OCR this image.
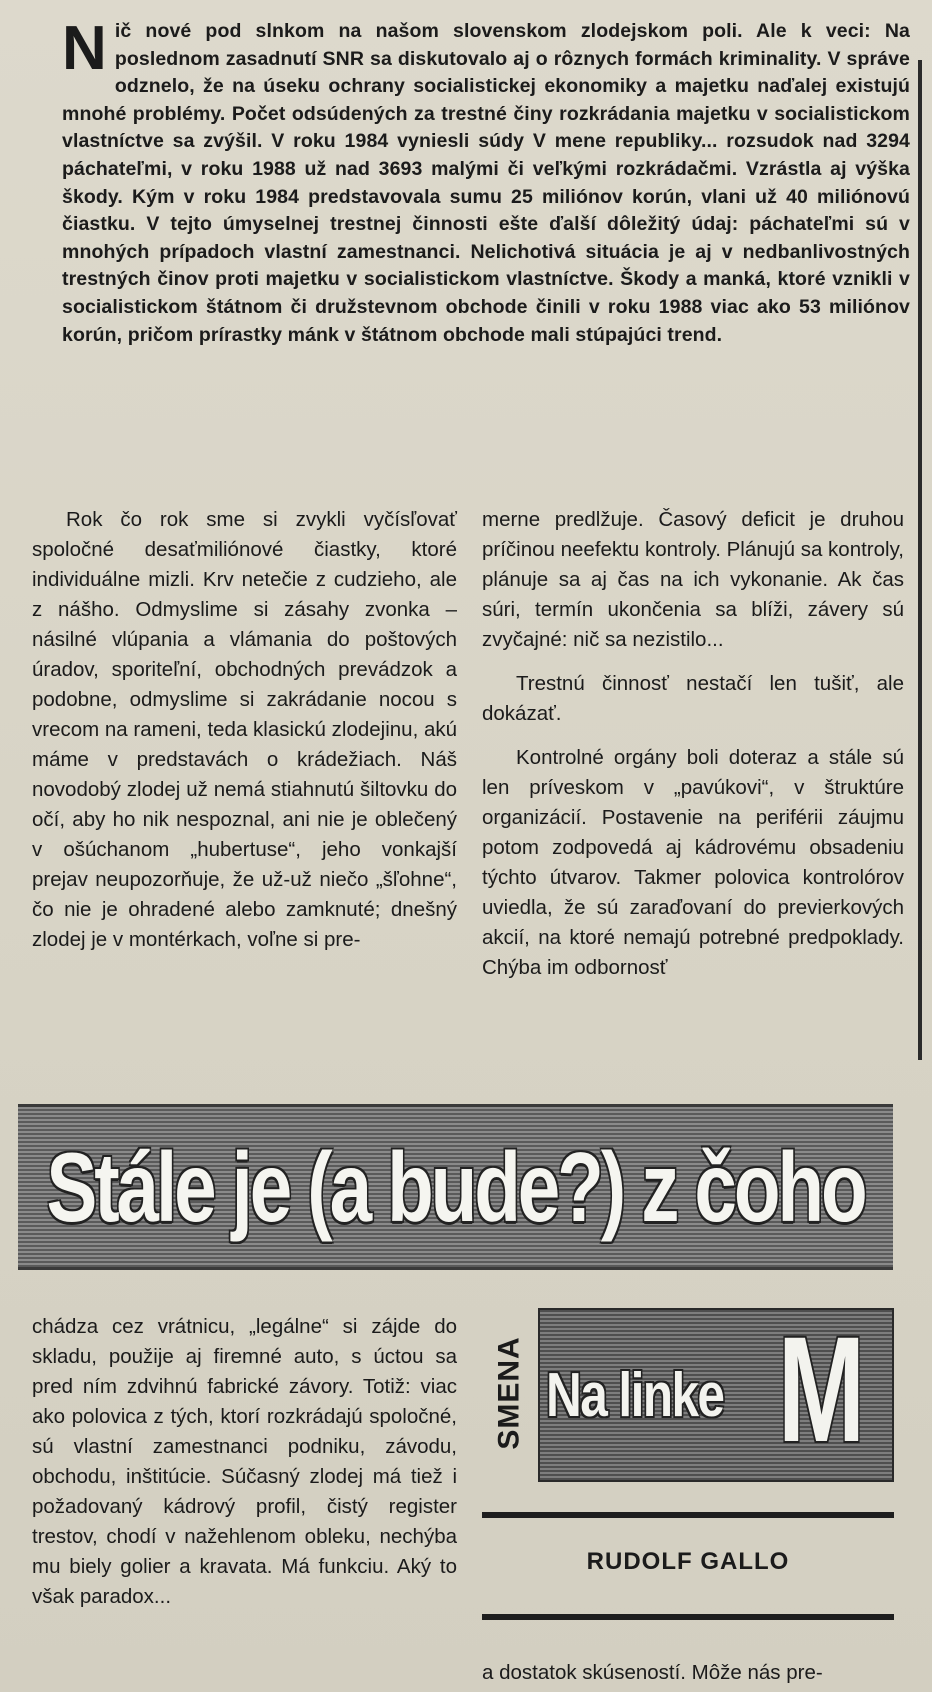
N ič nové pod slnkom na našom slovenskom zlodejskom poli. Ale k veci: Na poslednom zasadnutí SNR sa diskutovalo aj o rôznych formách kriminality. V správe odznelo, že na úseku ochrany socialistickej ekonomiky a majetku naďalej existujú mnohé problémy. Počet odsúdených za trestné činy rozkrádania majetku v socialistickom vlastníctve sa zvýšil. V roku 1984 vyniesli súdy V mene republiky... rozsudok nad 3294 páchateľmi, v roku 1988 už nad 3693 malými či veľkými rozkrádačmi. Vzrástla aj výška škody. Kým v roku 1984 predstavovala sumu 25 miliónov korún, vlani už 40 miliónovú čiastku. V tejto úmyselnej trestnej činnosti ešte ďalší dôležitý údaj: páchateľmi sú v mnohých prípadoch vlastní zamestnanci. Nelichotivá situácia je aj v nedbanlivostných trestných činov proti majetku v socialistickom vlastníctve. Škody a manká, ktoré vznikli v socialistickom štátnom či družstevnom obchode činili v roku 1988 viac ako 53 miliónov korún, pričom prírastky mánk v štátnom obchode mali stúpajúci trend.

Rok čo rok sme si zvykli vyčísľovať spoločné desaťmiliónové čiastky, ktoré individuálne mizli. Krv netečie z cudzieho, ale z nášho. Odmyslime si zásahy zvonka – násilné vlúpania a vlámania do poštových úradov, sporiteľní, obchodných prevádzok a podobne, odmyslime si zakrádanie nocou s vrecom na rameni, teda klasickú zlodejinu, akú máme v predstavách o krádežiach. Náš novodobý zlodej už nemá stiahnutú šiltovku do očí, aby ho nik nespoznal, ani nie je oblečený v ošúchanom „hubertuse“, jeho vonkajší prejav neupozorňuje, že už-už niečo „šľohne“, čo nie je ohradené alebo zamknuté; dnešný zlodej je v montérkach, voľne si pre-

merne predlžuje. Časový deficit je druhou príčinou neefektu kontroly. Plánujú sa kontroly, plánuje sa aj čas na ich vykonanie. Ak čas súri, termín ukončenia sa blíži, závery sú zvyčajné: nič sa nezistilo...

Trestnú činnosť nestačí len tušiť, ale dokázať.

Kontrolné orgány boli doteraz a stále sú len príveskom v „pavúkovi“, v štruktúre organizácií. Postavenie na periférii záujmu potom zodpovedá aj kádrovému obsadeniu týchto útvarov. Takmer polovica kontrolórov uviedla, že sú zaraďovaní do previerkových akcií, na ktoré nemajú potrebné predpoklady. Chýba im odbornosť

Stále je (a bude?) z čoho

chádza cez vrátnicu, „legálne“ si zájde do skladu, použije aj firemné auto, s úctou sa pred ním zdvihnú fabrické závory. Totiž: viac ako polovica z tých, ktorí rozkrádajú spoločné, sú vlastní zamestnanci podniku, závodu, obchodu, inštitúcie. Súčasný zlodej má tiež i požadovaný kádrový profil, čistý register trestov, chodí v nažehlenom obleku, nechýba mu biely golier a kravata. Má funkciu. Aký to však paradox...

SMENA Na linke M
RUDOLF GALLO

a dostatok skúseností. Môže nás pre-
